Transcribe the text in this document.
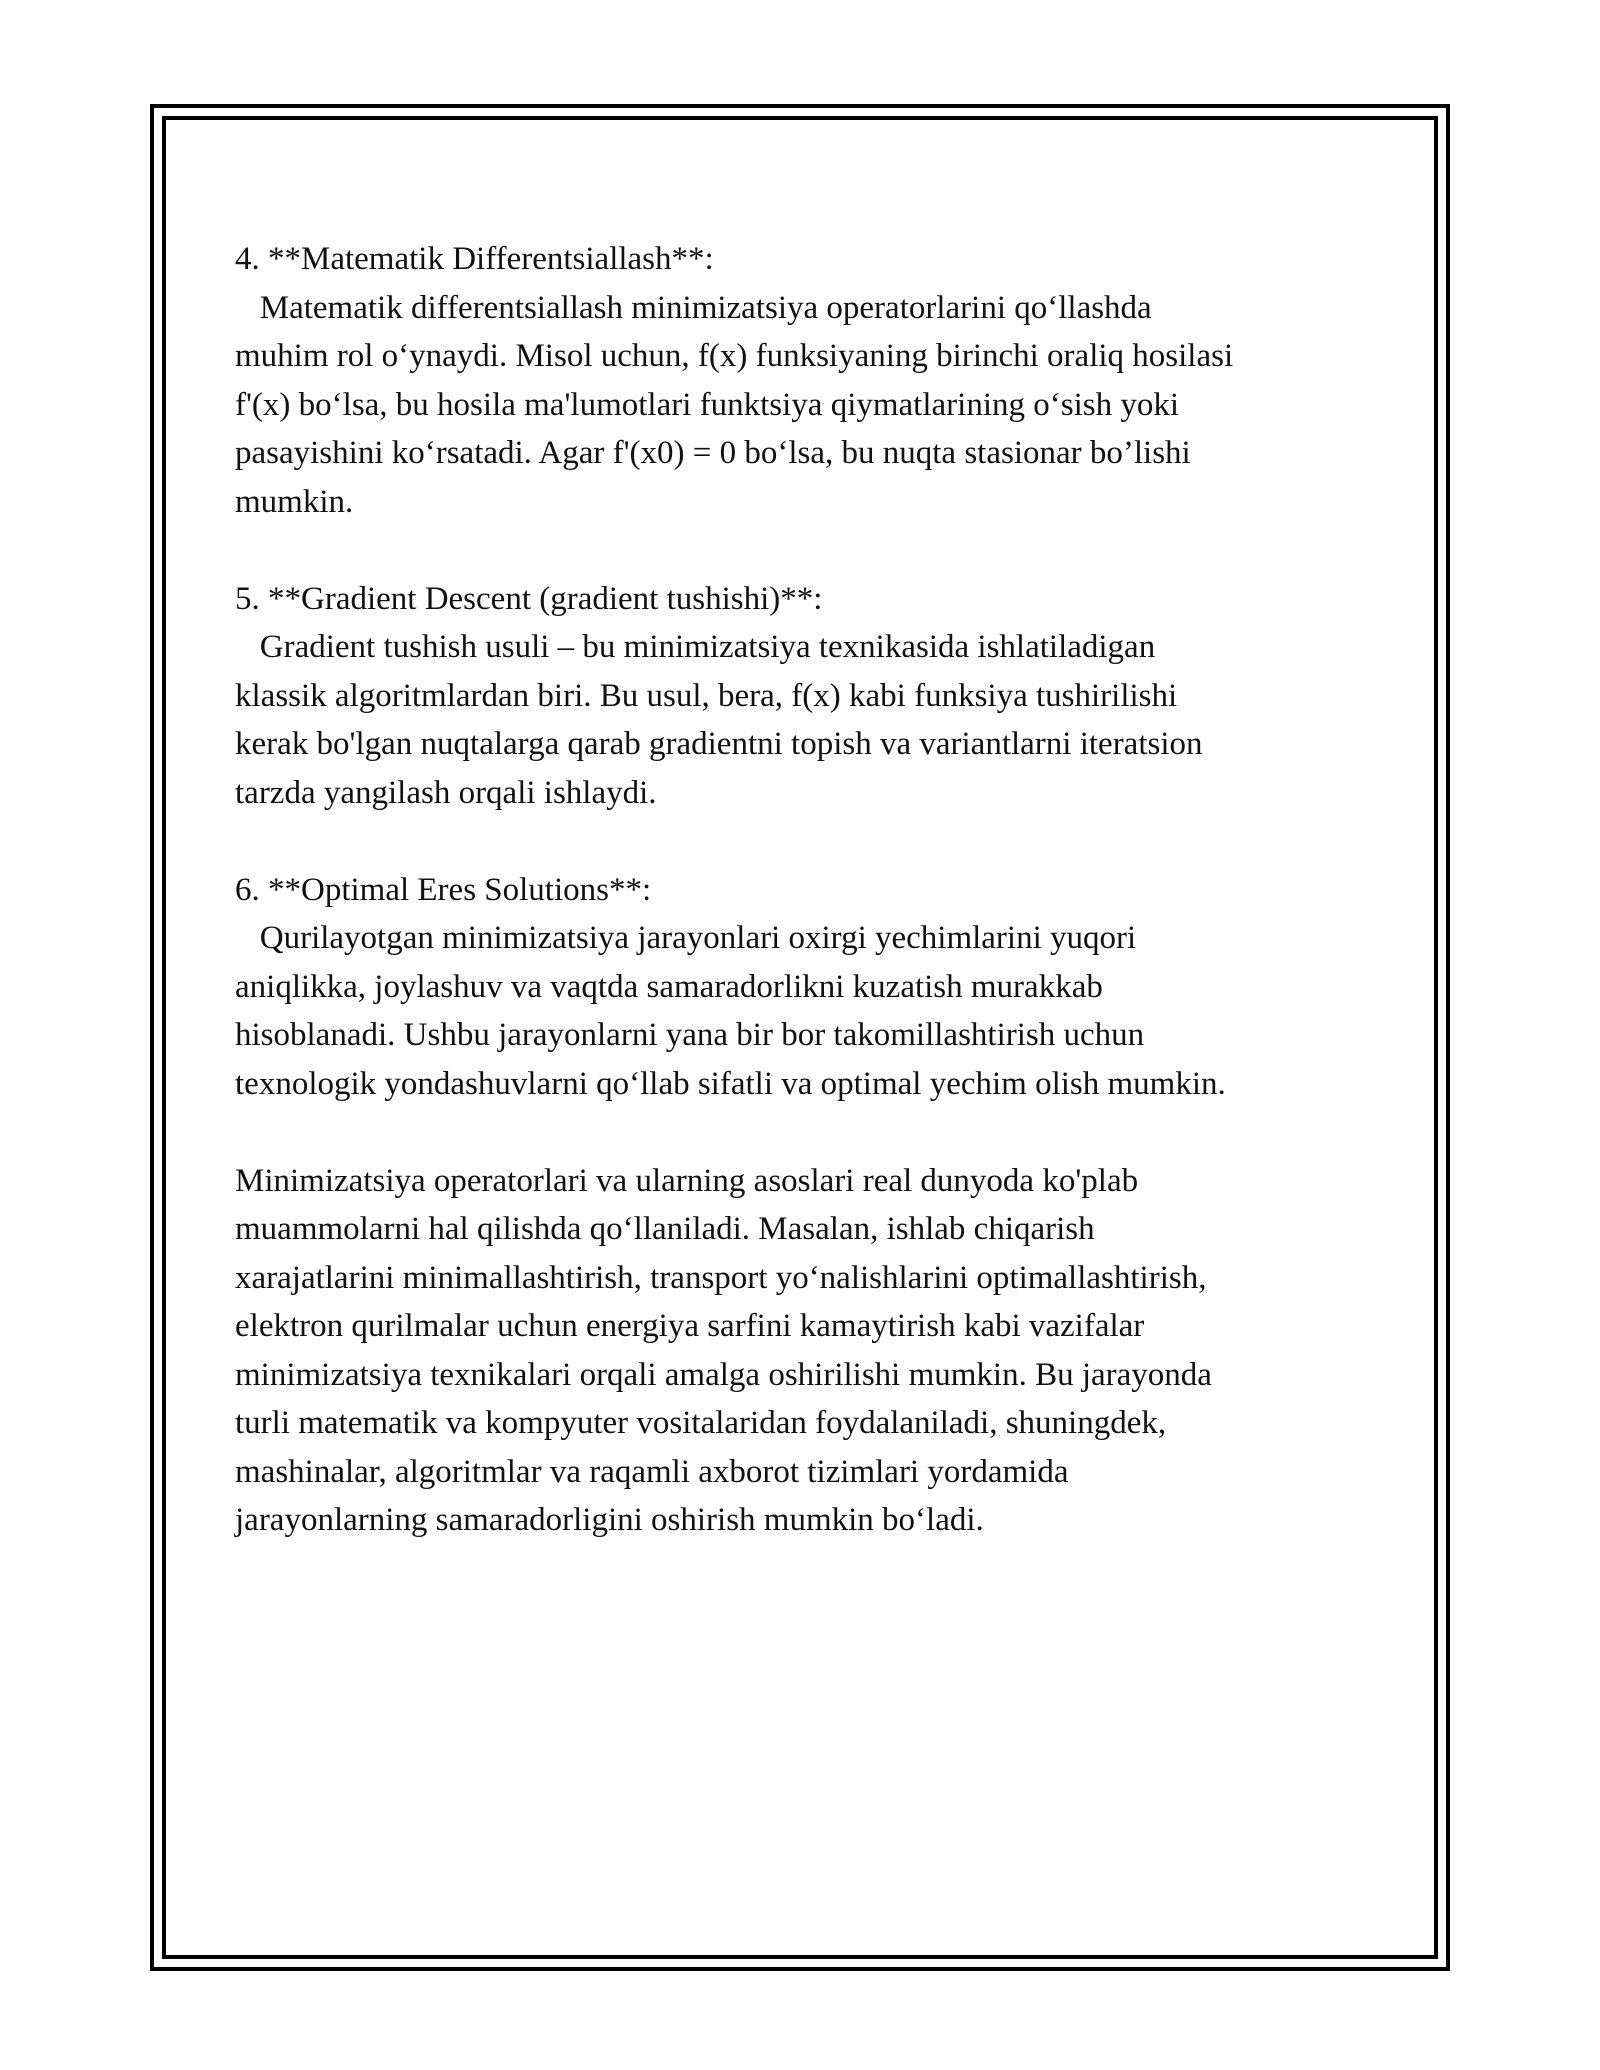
4. **Matematik Differentsiallash**:
Matematik differentsiallash minimizatsiya operatorlarini qo‘llashda
muhim rol o‘ynaydi. Misol uchun, f(x) funksiyaning birinchi oraliq hosilasi
f'(x) bo‘lsa, bu hosila ma'lumotlari funktsiya qiymatlarining o‘sish yoki
pasayishini ko‘rsatadi. Agar f'(x0) = 0 bo‘lsa, bu nuqta stasionar bo’lishi
mumkin.
5. **Gradient Descent (gradient tushishi)**:
Gradient tushish usuli – bu minimizatsiya texnikasida ishlatiladigan
klassik algoritmlardan biri. Bu usul, bera, f(x) kabi funksiya tushirilishi
kerak bo'lgan nuqtalarga qarab gradientni topish va variantlarni iteratsion
tarzda yangilash orqali ishlaydi.
6. **Optimal Eres Solutions**:
Qurilayotgan minimizatsiya jarayonlari oxirgi yechimlarini yuqori
aniqlikka, joylashuv va vaqtda samaradorlikni kuzatish murakkab
hisoblanadi. Ushbu jarayonlarni yana bir bor takomillashtirish uchun
texnologik yondashuvlarni qo‘llab sifatli va optimal yechim olish mumkin.
Minimizatsiya operatorlari va ularning asoslari real dunyoda ko'plab
muammolarni hal qilishda qo‘llaniladi. Masalan, ishlab chiqarish
xarajatlarini minimallashtirish, transport yo‘nalishlarini optimallashtirish,
elektron qurilmalar uchun energiya sarfini kamaytirish kabi vazifalar
minimizatsiya texnikalari orqali amalga oshirilishi mumkin. Bu jarayonda
turli matematik va kompyuter vositalaridan foydalaniladi, shuningdek,
mashinalar, algoritmlar va raqamli axborot tizimlari yordamida
jarayonlarning samaradorligini oshirish mumkin bo‘ladi.
